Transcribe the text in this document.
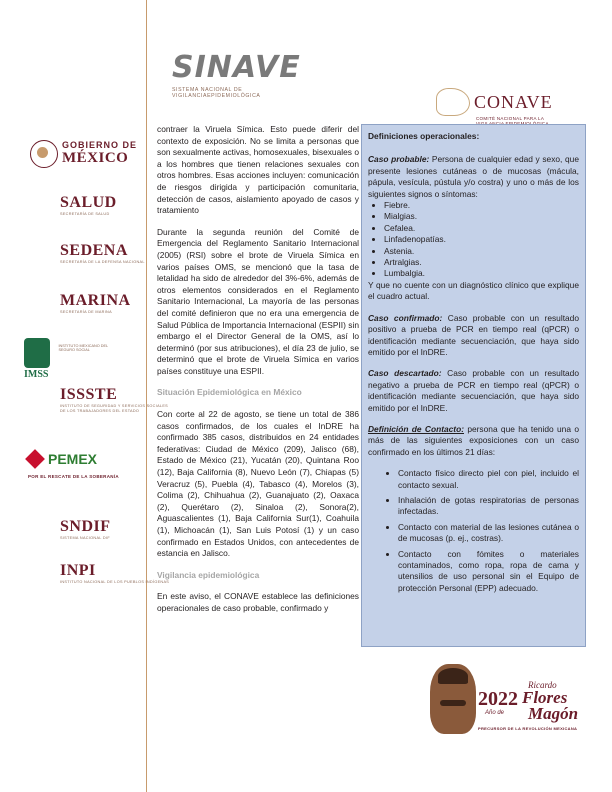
SINAVE
SISTEMA NACIONAL DE
VIGILANCIAEPIDEMIOLÓGICA	CONAVE
COMITÉ NACIONAL PARA LA
GOBIERNO DE
MÉXICO
SALUD
SECRETARÍA DE SALUD
SEDENA
SECRETARÍA DE LA DEFENSA NACIONAL
MARINA
SECRETARÍA DE MARINA
IMSS
INSTITUTO MEXICANO DEL SEGURO SOCIAL
ISSSTE
INSTITUTO DE SEGURIDAD Y SERVICIOS SOCIALES DE LOS TRABAJADORES DEL ESTADO
PEMEX
POR EL RESCATE DE LA SOBERANÍA
SNDIF
SISTEMA NACIONAL DIF
INPI
INSTITUTO NACIONAL DE LOS PUEBLOS INDÍGENAS

contraer la Viruela Símica. Esto puede diferir del contexto de exposición. No se limita a personas que son sexualmente activas, homosexuales, bisexuales o a los hombres que tienen relaciones sexuales con otros hombres. Esas acciones incluyen: comunicación de riesgos dirigida y participación comunitaria, detección de casos, aislamiento apoyado de casos y tratamiento

Durante la segunda reunión del Comité de Emergencia del Reglamento Sanitario Internacional (2005) (RSI) sobre el brote de Viruela Símica en varios países OMS, se mencionó que la tasa de letalidad ha sido de alrededor del 3%-6%, además de otros elementos considerados en el Reglamento Sanitario Internacional, La mayoría de las personas del comité definieron que no era una emergencia de Salud Pública de Importancia Internacional (ESPII) sin embargo el el Director General de la OMS, así lo determinó (por sus atribuciones), el día 23 de julio, se determinó que el brote de Viruela Símica en varios países constituye una ESPII.

Situación Epidemiológica en México

Con corte al 22 de agosto, se tiene un total de 386 casos confirmados, de los cuales el InDRE ha confirmado 385 casos, distribuidos en 24 entidades federativas: Ciudad de México (209), Jalisco (68), Estado de México (21), Yucatán (20), Quintana Roo (12), Baja California (8), Nuevo León (7), Chiapas (5) Veracruz (5), Puebla (4), Tabasco (4), Morelos (3), Colima (2), Chihuahua (2), Guanajuato (2), Oaxaca (2), Querétaro (2), Sinaloa (2), Sonora(2), Aguascalientes (1), Baja California Sur(1), Coahuila (1), Michoacán (1), San Luis Potosí (1) y un caso confirmado en Estados Unidos, con antecedentes de estancia en Jalisco.

Vigilancia epidemiológica

En este aviso, el CONAVE establece las definiciones operacionales de caso probable, confirmado y

Definiciones operacionales:

Caso probable: Persona de cualquier edad y sexo, que presente lesiones cutáneas o de mucosas (mácula, pápula, vesícula, pústula y/o costra) y uno o más de los siguientes signos o síntomas:

• Fiebre.
• Mialgias.
• Cefalea.
• Linfadenopatías.
• Astenia.
• Artralgias.
• Lumbalgia.

Y que no cuente con un diagnóstico clínico que explique el cuadro actual.

Caso confirmado: Caso probable con un resultado positivo a prueba de PCR en tiempo real (qPCR) o identificación mediante secuenciación, que haya sido emitido por el InDRE.

Caso descartado: Caso probable con un resultado negativo a prueba de PCR en tiempo real (qPCR) o identificación mediante secuenciación, que haya sido emitido por el InDRE.

Definición de Contacto: persona que ha tenido una o más de las siguientes exposiciones con un caso confirmado en los últimos 21 días:

• Contacto físico directo piel con piel, incluido el contacto sexual.
• Inhalación de gotas respiratorias de personas infectadas.
• Contacto con material de las lesiones cutánea o de mucosas (p. ej., costras).
• Contacto con fómites o materiales contaminados, como ropa, ropa de cama y utensilios de uso personal sin el Equipo de protección Personal (EPP) adecuado.
2022
Año de
Ricardo
Flores
Magón
PRECURSOR DE LA REVOLUCIÓN MEXICANA
